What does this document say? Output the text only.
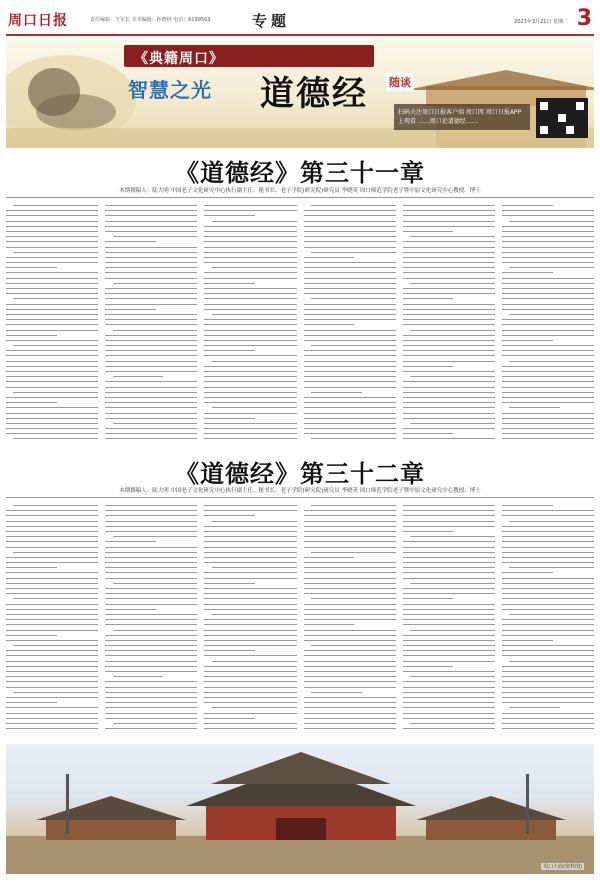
周口日报	责任编辑：王军长 美术编辑：孙晓林 电话：6199503	专题	2023年3月21日 星期二 3
《典籍周口》
智慧之光 道德经 随谈
扫码关注周口日报客户端 周口网 周口日报APP上观看 ……周口论道德经……
《道德经》第三十一章
本期撰稿人：陆大明 中国老子文化研究中心执行副主任、秘书长、老子学院(研究院)研究员 李晓英 周口师范学院老子暨中原文化研究中心教授、博士
《道德经》第三十二章
本期撰稿人：陆大明 中国老子文化研究中心执行副主任、秘书长、老子学院(研究院)研究员 李晓英 周口师范学院老子暨中原文化研究中心教授、博士
周口大庙(资料图)
